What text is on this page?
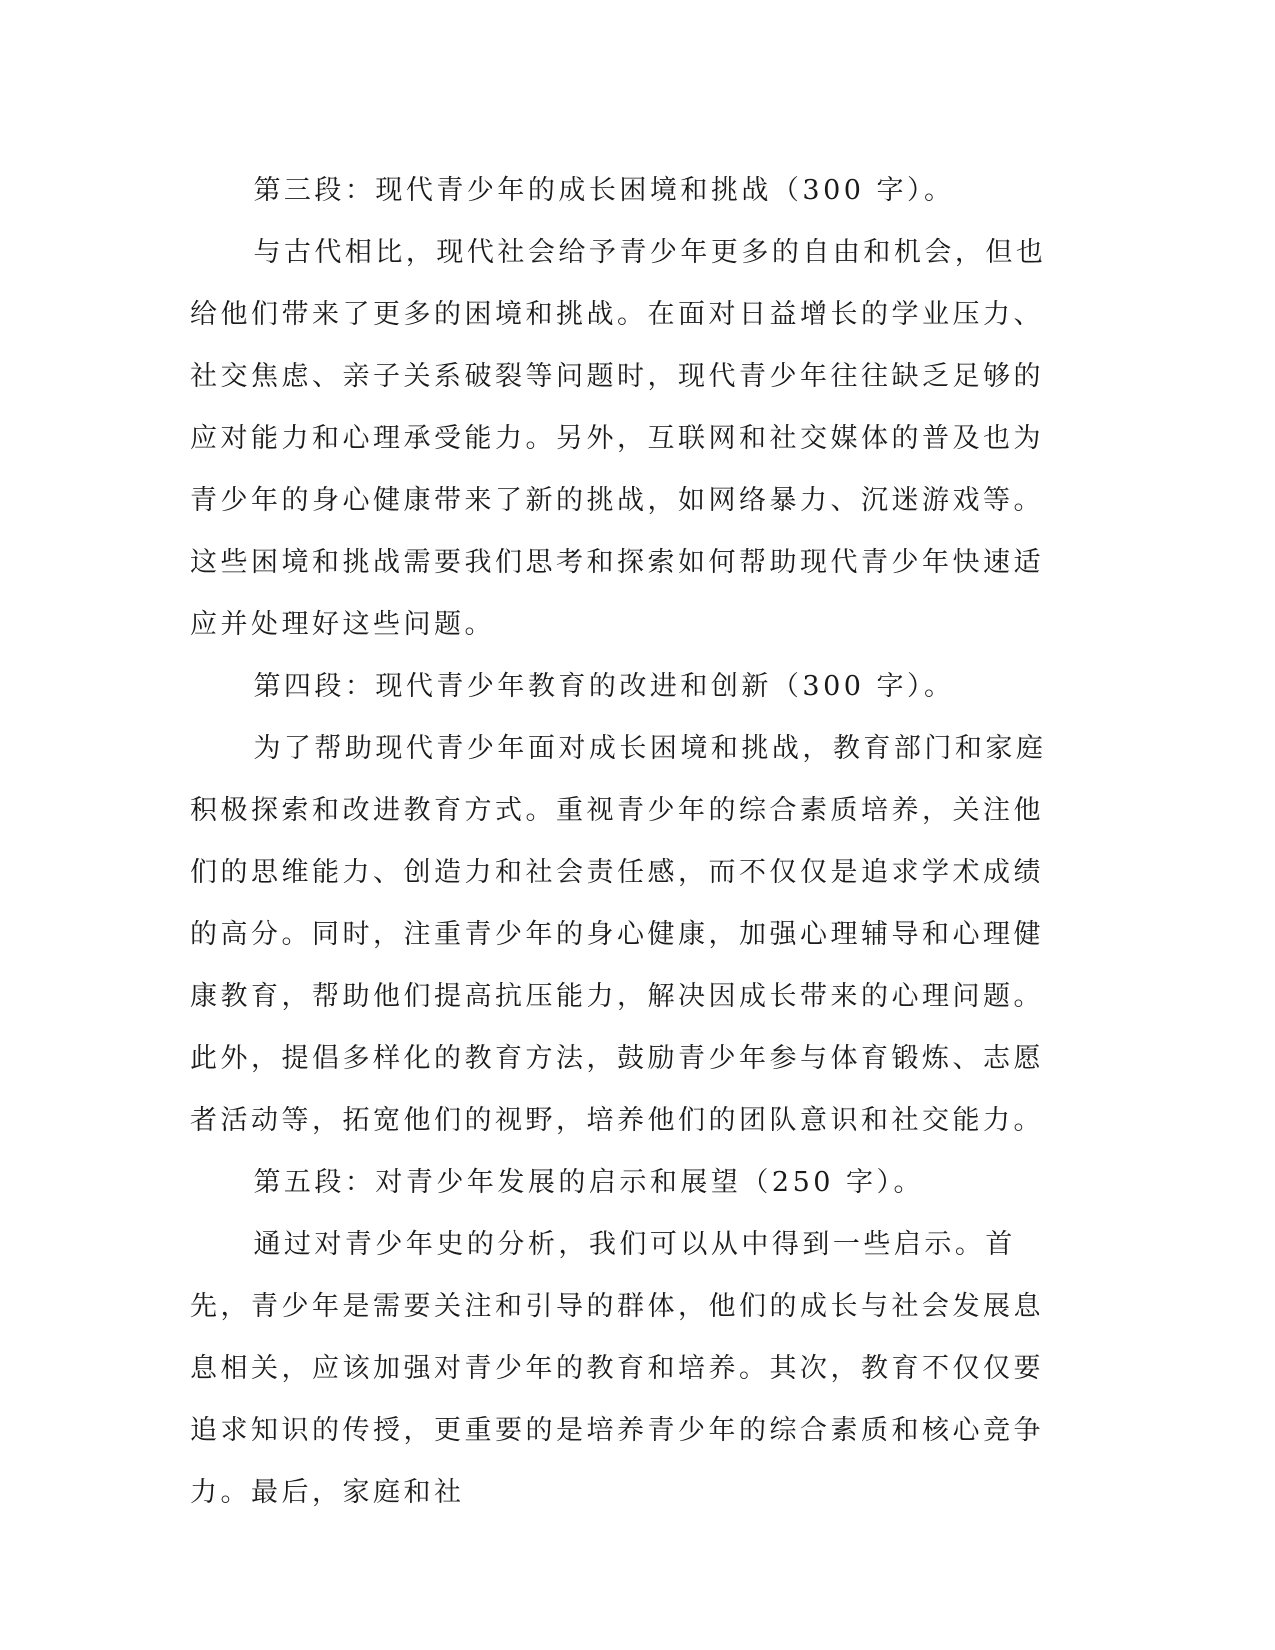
第三段：现代青少年的成长困境和挑战（300 字）。

与古代相比，现代社会给予青少年更多的自由和机会，但也给他们带来了更多的困境和挑战。在面对日益增长的学业压力、社交焦虑、亲子关系破裂等问题时，现代青少年往往缺乏足够的应对能力和心理承受能力。另外，互联网和社交媒体的普及也为青少年的身心健康带来了新的挑战，如网络暴力、沉迷游戏等。这些困境和挑战需要我们思考和探索如何帮助现代青少年快速适应并处理好这些问题。

第四段：现代青少年教育的改进和创新（300 字）。

为了帮助现代青少年面对成长困境和挑战，教育部门和家庭积极探索和改进教育方式。重视青少年的综合素质培养，关注他们的思维能力、创造力和社会责任感，而不仅仅是追求学术成绩的高分。同时，注重青少年的身心健康，加强心理辅导和心理健康教育，帮助他们提高抗压能力，解决因成长带来的心理问题。此外，提倡多样化的教育方法，鼓励青少年参与体育锻炼、志愿者活动等，拓宽他们的视野，培养他们的团队意识和社交能力。

第五段：对青少年发展的启示和展望（250 字）。

通过对青少年史的分析，我们可以从中得到一些启示。首先，青少年是需要关注和引导的群体，他们的成长与社会发展息息相关，应该加强对青少年的教育和培养。其次，教育不仅仅要追求知识的传授，更重要的是培养青少年的综合素质和核心竞争力。最后，家庭和社
